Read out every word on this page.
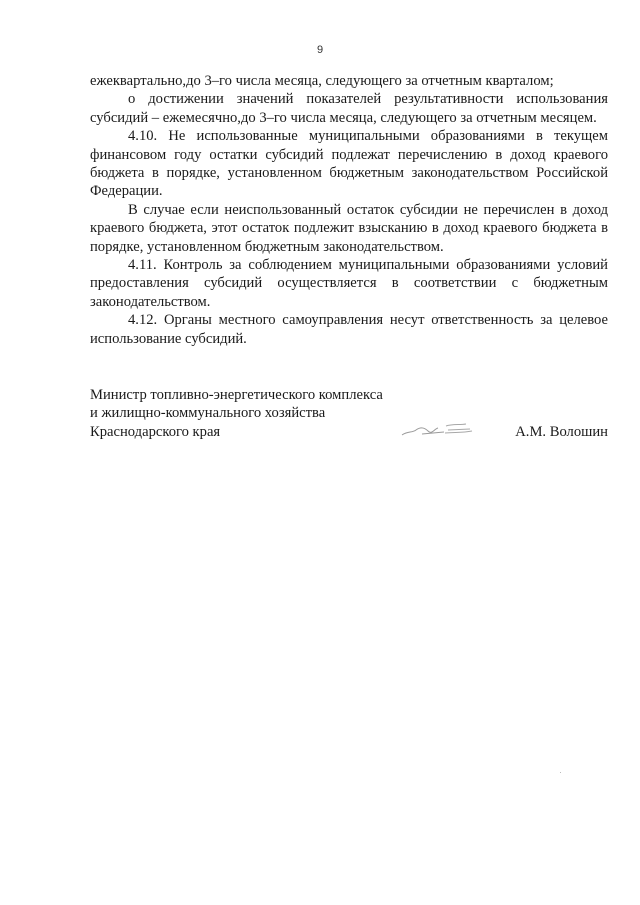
9

ежеквартально,до 3–го числа месяца, следующего за отчетным кварталом;

о достижении значений показателей результативности использования субсидий – ежемесячно,до 3–го числа месяца, следующего за отчетным месяцем.

4.10. Не использованные муниципальными образованиями в текущем финансовом году остатки субсидий подлежат перечислению в доход краевого бюджета в порядке, установленном бюджетным законодательством Российской Федерации.

В случае если неиспользованный остаток субсидии не перечислен в доход краевого бюджета, этот остаток подлежит взысканию в доход краевого бюджета в порядке, установленном бюджетным законодательством.

4.11. Контроль за соблюдением муниципальными образованиями условий предоставления субсидий осуществляется в соответствии с бюджетным законодательством.

4.12. Органы местного самоуправления несут ответственность за целевое использование субсидий.

Министр топливно-энергетического комплекса
и жилищно-коммунального хозяйства
Краснодарского края	А.М. Волошин
